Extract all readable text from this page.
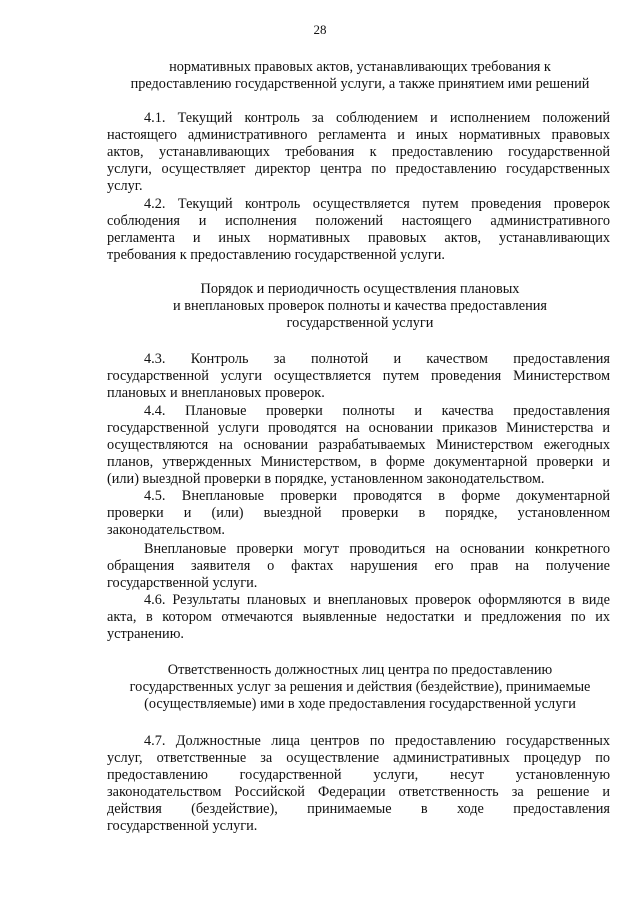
28

нормативных правовых актов, устанавливающих требования к

предоставлению государственной услуги, а также принятием ими решений

4.1. Текущий контроль за соблюдением и исполнением положений

настоящего административного регламента и иных нормативных правовых

актов, устанавливающих требования к предоставлению государственной

услуги, осуществляет директор центра по предоставлению государственных

услуг.

4.2. Текущий контроль осуществляется путем проведения проверок

соблюдения и исполнения положений настоящего административного

регламента и иных нормативных правовых актов, устанавливающих

требования к предоставлению государственной услуги.

Порядок и периодичность осуществления плановых

и внеплановых проверок полноты и качества предоставления

государственной услуги

4.3. Контроль за полнотой и качеством предоставления

государственной услуги осуществляется путем проведения Министерством

плановых и внеплановых проверок.

4.4. Плановые проверки полноты и качества предоставления

государственной услуги проводятся на основании приказов Министерства и

осуществляются на основании разрабатываемых Министерством ежегодных

планов, утвержденных Министерством, в форме документарной проверки и

(или) выездной проверки в порядке, установленном законодательством.

4.5. Внеплановые проверки проводятся в форме документарной

проверки и (или) выездной проверки в порядке, установленном

законодательством.

Внеплановые проверки могут проводиться на основании конкретного

обращения заявителя о фактах нарушения его прав на получение

государственной услуги.

4.6. Результаты плановых и внеплановых проверок оформляются в виде

акта, в котором отмечаются выявленные недостатки и предложения по их

устранению.

Ответственность должностных лиц центра по предоставлению

государственных услуг за решения и действия (бездействие), принимаемые

(осуществляемые) ими в ходе предоставления государственной услуги

4.7. Должностные лица центров по предоставлению государственных

услуг, ответственные за осуществление административных процедур по

предоставлению государственной услуги, несут установленную

законодательством Российской Федерации ответственность за решение и

действия (бездействие), принимаемые в ходе предоставления

государственной услуги.
